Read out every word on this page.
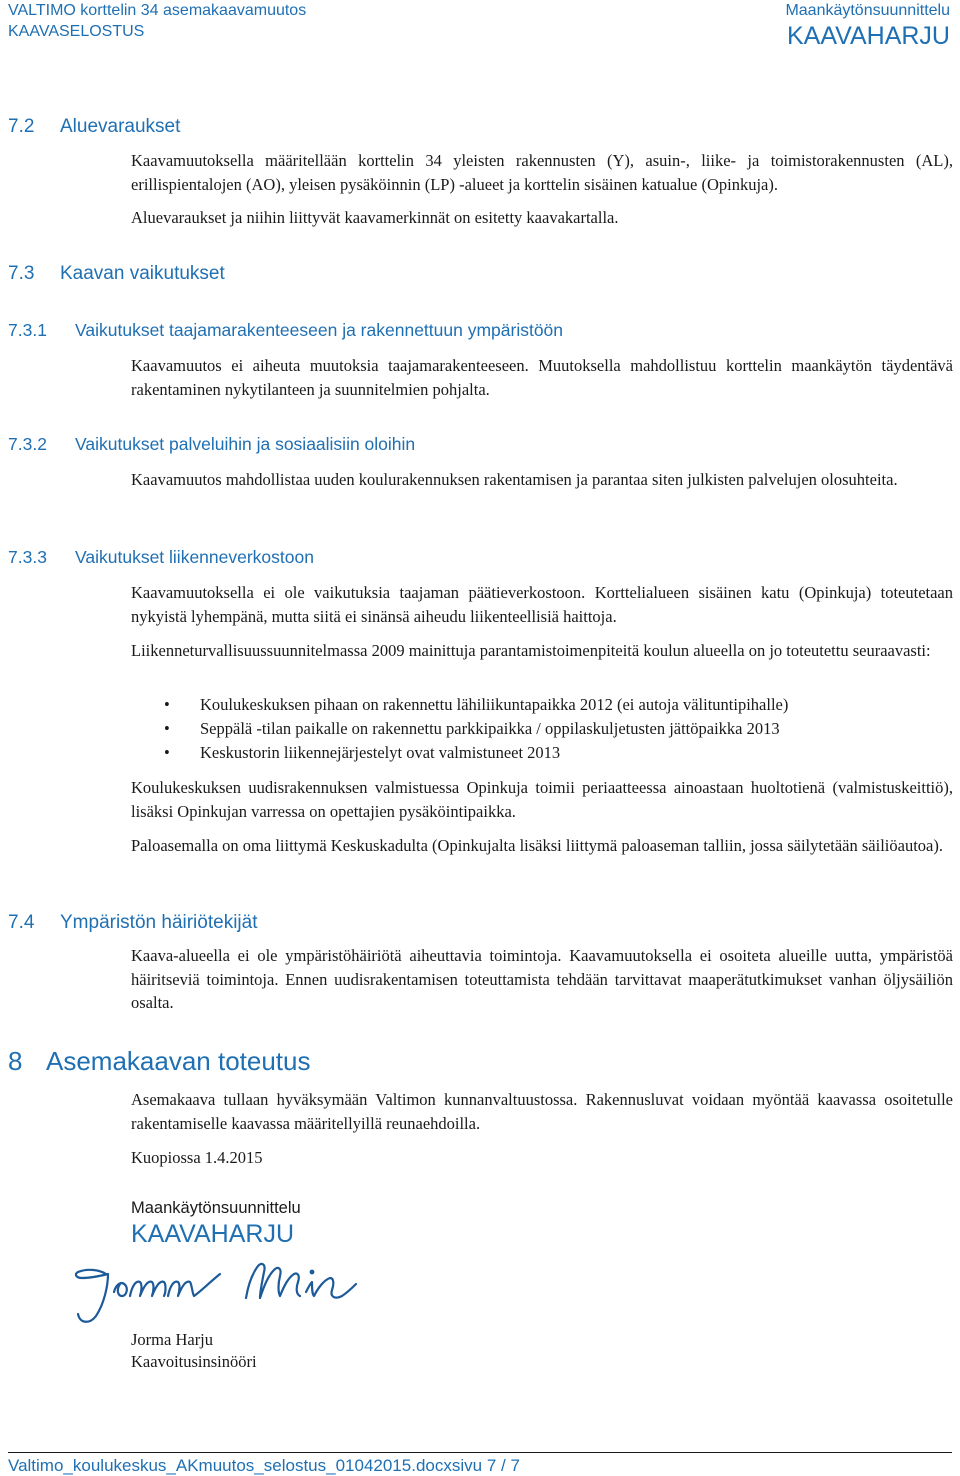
VALTIMO korttelin 34 asemakaavamuutos
KAAVASELOSTUS
Maankäytönsuunnittelu
KAAVAHARJU
7.2 Aluevaraukset

Kaavamuutoksella määritellään korttelin 34 yleisten rakennusten (Y), asuin-, liike- ja toimistorakennusten (AL), erillispientalojen (AO), yleisen pysäköinnin (LP) -alueet ja korttelin sisäinen katualue (Opinkuja).

Aluevaraukset ja niihin liittyvät kaavamerkinnät on esitetty kaavakartalla.

7.3 Kaavan vaikutukset
7.3.1 Vaikutukset taajamarakenteeseen ja rakennettuun ympäristöön

Kaavamuutos ei aiheuta muutoksia taajamarakenteeseen. Muutoksella mahdollistuu korttelin maankäytön täydentävä rakentaminen nykytilanteen ja suunnitelmien pohjalta.

7.3.2 Vaikutukset palveluihin ja sosiaalisiin oloihin

Kaavamuutos mahdollistaa uuden koulurakennuksen rakentamisen ja parantaa siten julkisten palvelujen olosuhteita.

7.3.3 Vaikutukset liikenneverkostoon

Kaavamuutoksella ei ole vaikutuksia taajaman päätieverkostoon. Korttelialueen sisäinen katu (Opinkuja) toteutetaan nykyistä lyhempänä, mutta siitä ei sinänsä aiheudu liikenteellisiä haittoja.

Liikenneturvallisuussuunnitelmassa 2009 mainittuja parantamistoimenpiteitä koulun alueella on jo toteutettu seuraavasti:

• Koulukeskuksen pihaan on rakennettu lähiliikuntapaikka 2012 (ei autoja välituntipihalle)
• Seppälä -tilan paikalle on rakennettu parkkipaikka / oppilaskuljetusten jättöpaikka 2013
• Keskustorin liikennejärjestelyt ovat valmistuneet 2013

Koulukeskuksen uudisrakennuksen valmistuessa Opinkuja toimii periaatteessa ainoastaan huoltotienä (valmistuskeittiö), lisäksi Opinkujan varressa on opettajien pysäköintipaikka.

Paloasemalla on oma liittymä Keskuskadulta (Opinkujalta lisäksi liittymä paloaseman talliin, jossa säilytetään säiliöautoa).

7.4 Ympäristön häiriötekijät

Kaava-alueella ei ole ympäristöhäiriötä aiheuttavia toimintoja. Kaavamuutoksella ei osoiteta alueille uutta, ympäristöä häiritseviä toimintoja. Ennen uudisrakentamisen toteuttamista tehdään tarvittavat maaperätutkimukset vanhan öljysäiliön osalta.

8 Asemakaavan toteutus

Asemakaava tullaan hyväksymään Valtimon kunnanvaltuustossa. Rakennusluvat voidaan myöntää kaavassa osoitetulle rakentamiselle kaavassa määritellyillä reunaehdoilla.

Kuopiossa 1.4.2015

Maankäytönsuunnittelu
KAAVAHARJU
Jorma Harju
Kaavoitusinsinööri
Valtimo_koulukeskus_AKmuutos_selostus_01042015.docxsivu 7 / 7
